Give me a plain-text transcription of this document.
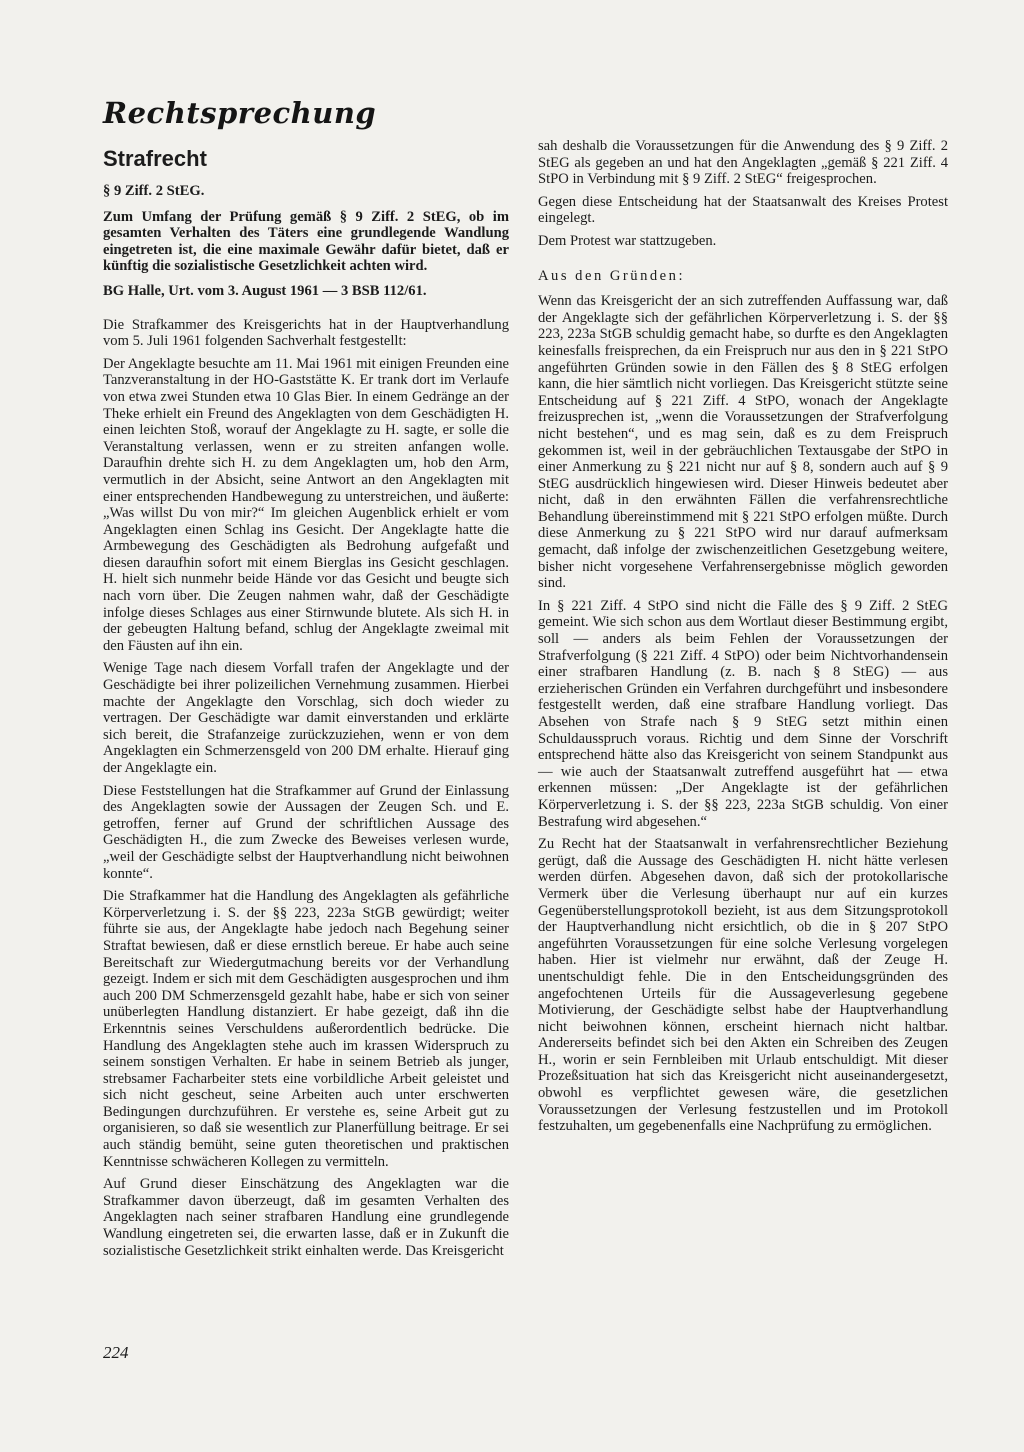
Rechtsprechung
Strafrecht

§ 9 Ziff. 2 StEG.

Zum Umfang der Prüfung gemäß § 9 Ziff. 2 StEG, ob im gesamten Verhalten des Täters eine grundlegende Wandlung eingetreten ist, die eine maximale Gewähr dafür bietet, daß er künftig die sozialistische Gesetzlichkeit achten wird.

BG Halle, Urt. vom 3. August 1961 — 3 BSB 112/61.

Die Strafkammer des Kreisgerichts hat in der Hauptverhandlung vom 5. Juli 1961 folgenden Sachverhalt festgestellt:

Der Angeklagte besuchte am 11. Mai 1961 mit einigen Freunden eine Tanzveranstaltung in der HO-Gaststätte K. Er trank dort im Verlaufe von etwa zwei Stunden etwa 10 Glas Bier. In einem Gedränge an der Theke erhielt ein Freund des Angeklagten von dem Geschädigten H. einen leichten Stoß, worauf der Angeklagte zu H. sagte, er solle die Veranstaltung verlassen, wenn er zu streiten anfangen wolle. Daraufhin drehte sich H. zu dem Angeklagten um, hob den Arm, vermutlich in der Absicht, seine Antwort an den Angeklagten mit einer entsprechenden Handbewegung zu unterstreichen, und äußerte: „Was willst Du von mir?“ Im gleichen Augenblick erhielt er vom Angeklagten einen Schlag ins Gesicht. Der Angeklagte hatte die Armbewegung des Geschädigten als Bedrohung aufgefaßt und diesen daraufhin sofort mit einem Bierglas ins Gesicht geschlagen. H. hielt sich nunmehr beide Hände vor das Gesicht und beugte sich nach vorn über. Die Zeugen nahmen wahr, daß der Geschädigte infolge dieses Schlages aus einer Stirnwunde blutete. Als sich H. in der gebeugten Haltung befand, schlug der Angeklagte zweimal mit den Fäusten auf ihn ein.

Wenige Tage nach diesem Vorfall trafen der Angeklagte und der Geschädigte bei ihrer polizeilichen Vernehmung zusammen. Hierbei machte der Angeklagte den Vorschlag, sich doch wieder zu vertragen. Der Geschädigte war damit einverstanden und erklärte sich bereit, die Strafanzeige zurückzuziehen, wenn er von dem Angeklagten ein Schmerzensgeld von 200 DM erhalte. Hierauf ging der Angeklagte ein.

Diese Feststellungen hat die Strafkammer auf Grund der Einlassung des Angeklagten sowie der Aussagen der Zeugen Sch. und E. getroffen, ferner auf Grund der schriftlichen Aussage des Geschädigten H., die zum Zwecke des Beweises verlesen wurde, „weil der Geschädigte selbst der Hauptverhandlung nicht beiwohnen konnte“.

Die Strafkammer hat die Handlung des Angeklagten als gefährliche Körperverletzung i. S. der §§ 223, 223a StGB gewürdigt; weiter führte sie aus, der Angeklagte habe jedoch nach Begehung seiner Straftat bewiesen, daß er diese ernstlich bereue. Er habe auch seine Bereitschaft zur Wiedergutmachung bereits vor der Verhandlung gezeigt. Indem er sich mit dem Geschädigten ausgesprochen und ihm auch 200 DM Schmerzensgeld gezahlt habe, habe er sich von seiner unüberlegten Handlung distanziert. Er habe gezeigt, daß ihn die Erkenntnis seines Verschuldens außerordentlich bedrücke. Die Handlung des Angeklagten stehe auch im krassen Widerspruch zu seinem sonstigen Verhalten. Er habe in seinem Betrieb als junger, strebsamer Facharbeiter stets eine vorbildliche Arbeit geleistet und sich nicht gescheut, seine Arbeiten auch unter erschwerten Bedingungen durchzuführen. Er verstehe es, seine Arbeit gut zu organisieren, so daß sie wesentlich zur Planerfüllung beitrage. Er sei auch ständig bemüht, seine guten theoretischen und praktischen Kenntnisse schwächeren Kollegen zu vermitteln.

Auf Grund dieser Einschätzung des Angeklagten war die Strafkammer davon überzeugt, daß im gesamten Verhalten des Angeklagten nach seiner strafbaren Handlung eine grundlegende Wandlung eingetreten sei, die erwarten lasse, daß er in Zukunft die sozialistische Gesetzlichkeit strikt einhalten werde. Das Kreisgericht

sah deshalb die Voraussetzungen für die Anwendung des § 9 Ziff. 2 StEG als gegeben an und hat den Angeklagten „gemäß § 221 Ziff. 4 StPO in Verbindung mit § 9 Ziff. 2 StEG“ freigesprochen.

Gegen diese Entscheidung hat der Staatsanwalt des Kreises Protest eingelegt.

Dem Protest war stattzugeben.

Aus den Gründen:

Wenn das Kreisgericht der an sich zutreffenden Auffassung war, daß der Angeklagte sich der gefährlichen Körperverletzung i. S. der §§ 223, 223a StGB schuldig gemacht habe, so durfte es den Angeklagten keinesfalls freisprechen, da ein Freispruch nur aus den in § 221 StPO angeführten Gründen sowie in den Fällen des § 8 StEG erfolgen kann, die hier sämtlich nicht vorliegen. Das Kreisgericht stützte seine Entscheidung auf § 221 Ziff. 4 StPO, wonach der Angeklagte freizusprechen ist, „wenn die Voraussetzungen der Strafverfolgung nicht bestehen“, und es mag sein, daß es zu dem Freispruch gekommen ist, weil in der gebräuchlichen Textausgabe der StPO in einer Anmerkung zu § 221 nicht nur auf § 8, sondern auch auf § 9 StEG ausdrücklich hingewiesen wird. Dieser Hinweis bedeutet aber nicht, daß in den erwähnten Fällen die verfahrensrechtliche Behandlung übereinstimmend mit § 221 StPO erfolgen müßte. Durch diese Anmerkung zu § 221 StPO wird nur darauf aufmerksam gemacht, daß infolge der zwischenzeitlichen Gesetzgebung weitere, bisher nicht vorgesehene Verfahrensergebnisse möglich geworden sind.

In § 221 Ziff. 4 StPO sind nicht die Fälle des § 9 Ziff. 2 StEG gemeint. Wie sich schon aus dem Wortlaut dieser Bestimmung ergibt, soll — anders als beim Fehlen der Voraussetzungen der Strafverfolgung (§ 221 Ziff. 4 StPO) oder beim Nichtvorhandensein einer strafbaren Handlung (z. B. nach § 8 StEG) — aus erzieherischen Gründen ein Verfahren durchgeführt und insbesondere festgestellt werden, daß eine strafbare Handlung vorliegt. Das Absehen von Strafe nach § 9 StEG setzt mithin einen Schuldausspruch voraus. Richtig und dem Sinne der Vorschrift entsprechend hätte also das Kreisgericht von seinem Standpunkt aus — wie auch der Staatsanwalt zutreffend ausgeführt hat — etwa erkennen müssen: „Der Angeklagte ist der gefährlichen Körperverletzung i. S. der §§ 223, 223a StGB schuldig. Von einer Bestrafung wird abgesehen.“

Zu Recht hat der Staatsanwalt in verfahrensrechtlicher Beziehung gerügt, daß die Aussage des Geschädigten H. nicht hätte verlesen werden dürfen. Abgesehen davon, daß sich der protokollarische Vermerk über die Verlesung überhaupt nur auf ein kurzes Gegenüberstellungsprotokoll bezieht, ist aus dem Sitzungsprotokoll der Hauptverhandlung nicht ersichtlich, ob die in § 207 StPO angeführten Voraussetzungen für eine solche Verlesung vorgelegen haben. Hier ist vielmehr nur erwähnt, daß der Zeuge H. unentschuldigt fehle. Die in den Entscheidungsgründen des angefochtenen Urteils für die Aussageverlesung gegebene Motivierung, der Geschädigte selbst habe der Hauptverhandlung nicht beiwohnen können, erscheint hiernach nicht haltbar. Andererseits befindet sich bei den Akten ein Schreiben des Zeugen H., worin er sein Fernbleiben mit Urlaub entschuldigt. Mit dieser Prozeßsituation hat sich das Kreisgericht nicht auseinandergesetzt, obwohl es verpflichtet gewesen wäre, die gesetzlichen Voraussetzungen der Verlesung festzustellen und im Protokoll festzuhalten, um gegebenenfalls eine Nachprüfung zu ermöglichen.

224
